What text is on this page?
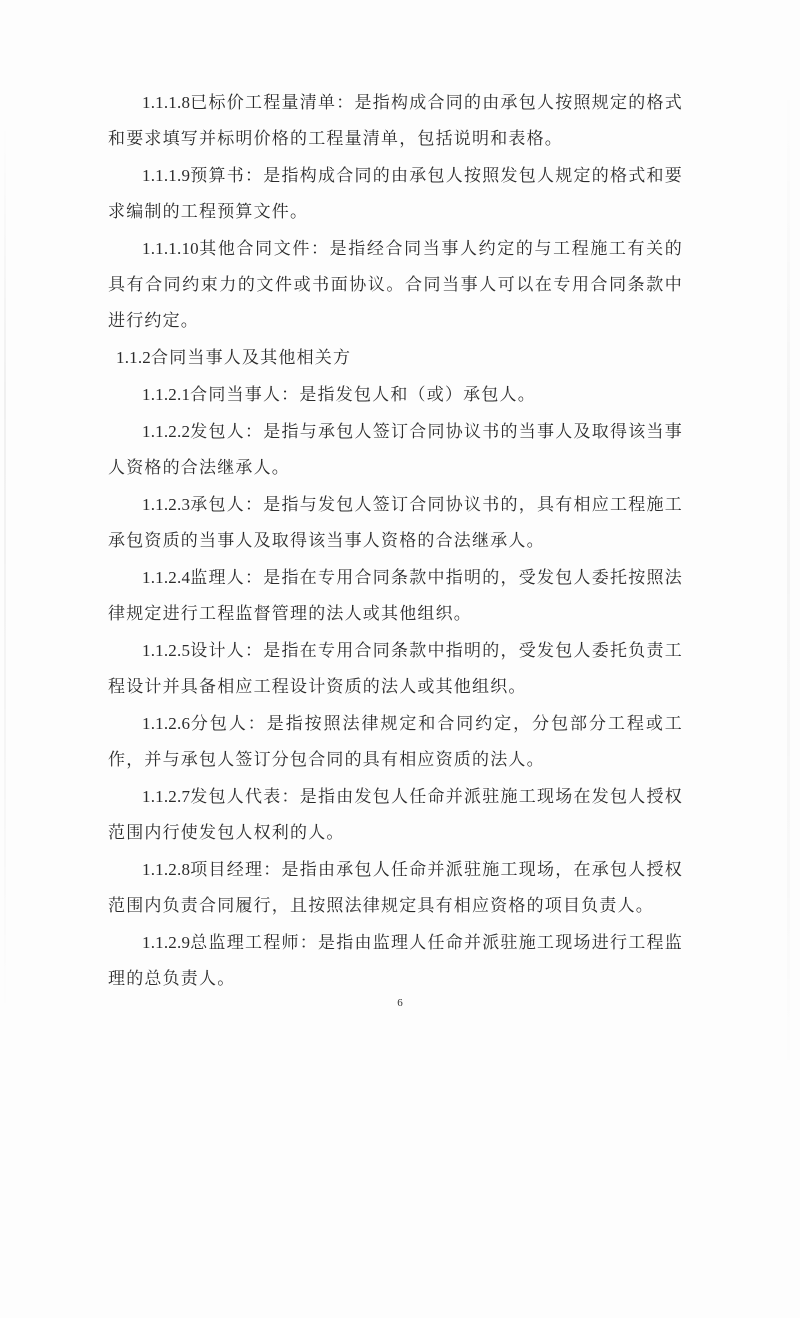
1.1.1.8已标价工程量清单：是指构成合同的由承包人按照规定的格式和要求填写并标明价格的工程量清单，包括说明和表格。

1.1.1.9预算书：是指构成合同的由承包人按照发包人规定的格式和要求编制的工程预算文件。

1.1.1.10其他合同文件：是指经合同当事人约定的与工程施工有关的具有合同约束力的文件或书面协议。合同当事人可以在专用合同条款中进行约定。

1.1.2合同当事人及其他相关方

1.1.2.1合同当事人：是指发包人和（或）承包人。

1.1.2.2发包人：是指与承包人签订合同协议书的当事人及取得该当事人资格的合法继承人。

1.1.2.3承包人：是指与发包人签订合同协议书的，具有相应工程施工承包资质的当事人及取得该当事人资格的合法继承人。

1.1.2.4监理人：是指在专用合同条款中指明的，受发包人委托按照法律规定进行工程监督管理的法人或其他组织。

1.1.2.5设计人：是指在专用合同条款中指明的，受发包人委托负责工程设计并具备相应工程设计资质的法人或其他组织。

1.1.2.6分包人：是指按照法律规定和合同约定，分包部分工程或工作，并与承包人签订分包合同的具有相应资质的法人。

1.1.2.7发包人代表：是指由发包人任命并派驻施工现场在发包人授权范围内行使发包人权利的人。

1.1.2.8项目经理：是指由承包人任命并派驻施工现场，在承包人授权范围内负责合同履行，且按照法律规定具有相应资格的项目负责人。

1.1.2.9总监理工程师：是指由监理人任命并派驻施工现场进行工程监理的总负责人。

6
